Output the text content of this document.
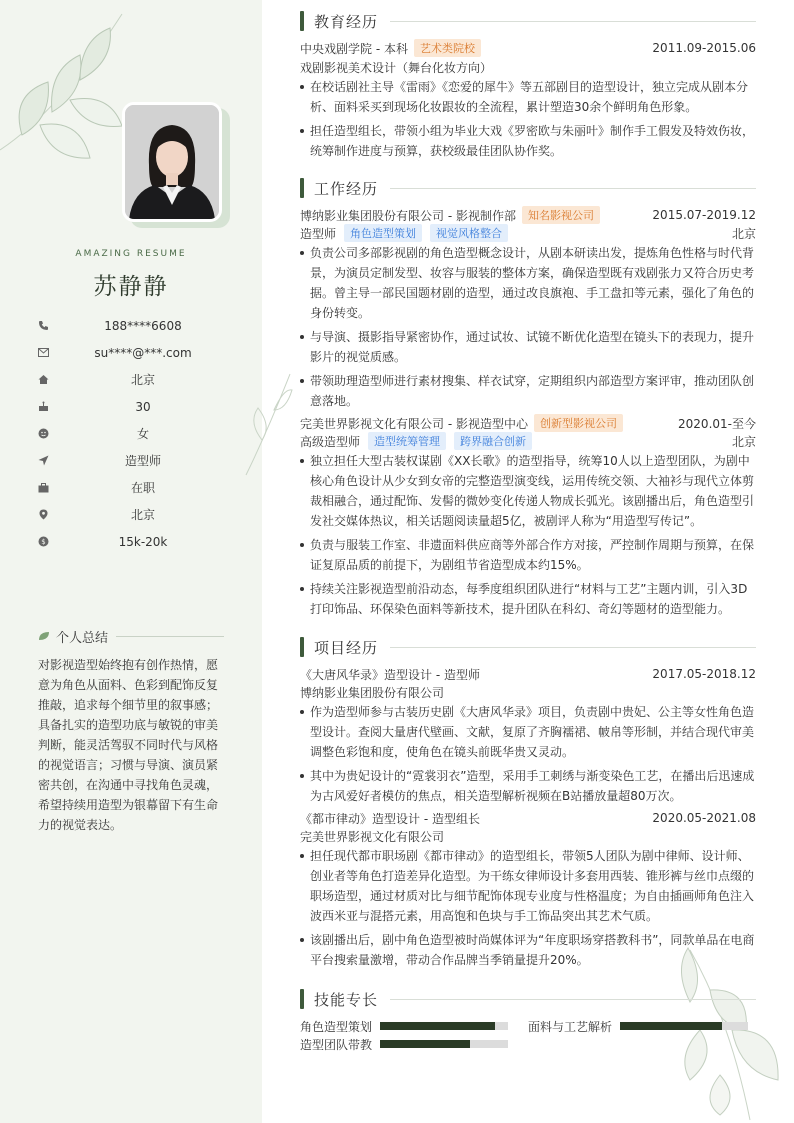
AMAZING RESUME
苏静静
188****6608
su****@***.com
北京
30
女
造型师
在职
北京
$	15k-20k
个人总结
对影视造型始终抱有创作热情，愿意为角色从面料、色彩到配饰反复推敲，追求每个细节里的叙事感；具备扎实的造型功底与敏锐的审美判断，能灵活驾驭不同时代与风格的视觉语言；习惯与导演、演员紧密共创，在沟通中寻找角色灵魂，希望持续用造型为银幕留下有生命力的视觉表达。
教育经历
中央戏剧学院 - 本科	艺术类院校	2011.09-2015.06
戏剧影视美术设计（舞台化妆方向）
在校话剧社主导《雷雨》《恋爱的犀牛》等五部剧目的造型设计，独立完成从剧本分析、面料采买到现场化妆跟妆的全流程，累计塑造30余个鲜明角色形象。
担任造型组长，带领小组为毕业大戏《罗密欧与朱丽叶》制作手工假发及特效伤妆，统筹制作进度与预算，获校级最佳团队协作奖。
工作经历
博纳影业集团股份有限公司 - 影视制作部	知名影视公司	2015.07-2019.12
造型师	角色造型策划	视觉风格整合	北京
负责公司多部影视剧的角色造型概念设计，从剧本研读出发，提炼角色性格与时代背景，为演员定制发型、妆容与服装的整体方案，确保造型既有戏剧张力又符合历史考据。曾主导一部民国题材剧的造型，通过改良旗袍、手工盘扣等元素，强化了角色的身份转变。
与导演、摄影指导紧密协作，通过试妆、试镜不断优化造型在镜头下的表现力，提升影片的视觉质感。
带领助理造型师进行素材搜集、样衣试穿，定期组织内部造型方案评审，推动团队创意落地。
完美世界影视文化有限公司 - 影视造型中心	创新型影视公司	2020.01-至今
高级造型师	造型统筹管理	跨界融合创新	北京
独立担任大型古装权谋剧《XX长歌》的造型指导，统筹10人以上造型团队，为剧中核心角色设计从少女到女帝的完整造型演变线，运用传统交领、大袖衫与现代立体剪裁相融合，通过配饰、发髻的微妙变化传递人物成长弧光。该剧播出后，角色造型引发社交媒体热议，相关话题阅读量超5亿，被剧评人称为“用造型写传记”。
负责与服装工作室、非遗面料供应商等外部合作方对接，严控制作周期与预算，在保证复原品质的前提下，为剧组节省造型成本约15%。
持续关注影视造型前沿动态，每季度组织团队进行“材料与工艺”主题内训，引入3D打印饰品、环保染色面料等新技术，提升团队在科幻、奇幻等题材的造型能力。
项目经历
《大唐风华录》造型设计 - 造型师	2017.05-2018.12
博纳影业集团股份有限公司
作为造型师参与古装历史剧《大唐风华录》项目，负责剧中贵妃、公主等女性角色造型设计。查阅大量唐代壁画、文献，复原了齐胸襦裙、帔帛等形制，并结合现代审美调整色彩饱和度，使角色在镜头前既华贵又灵动。
其中为贵妃设计的“霓裳羽衣”造型，采用手工刺绣与渐变染色工艺，在播出后迅速成为古风爱好者模仿的焦点，相关造型解析视频在B站播放量超80万次。
《都市律动》造型设计 - 造型组长	2020.05-2021.08
完美世界影视文化有限公司
担任现代都市职场剧《都市律动》的造型组长，带领5人团队为剧中律师、设计师、创业者等角色打造差异化造型。为干练女律师设计多套用西装、锥形裤与丝巾点缀的职场造型，通过材质对比与细节配饰体现专业度与性格温度；为自由插画师角色注入波西米亚与混搭元素，用高饱和色块与手工饰品突出其艺术气质。
该剧播出后，剧中角色造型被时尚媒体评为“年度职场穿搭教科书”，同款单品在电商平台搜索量激增，带动合作品牌当季销量提升20%。
技能专长
角色造型策划	面料与工艺解析
造型团队带教
